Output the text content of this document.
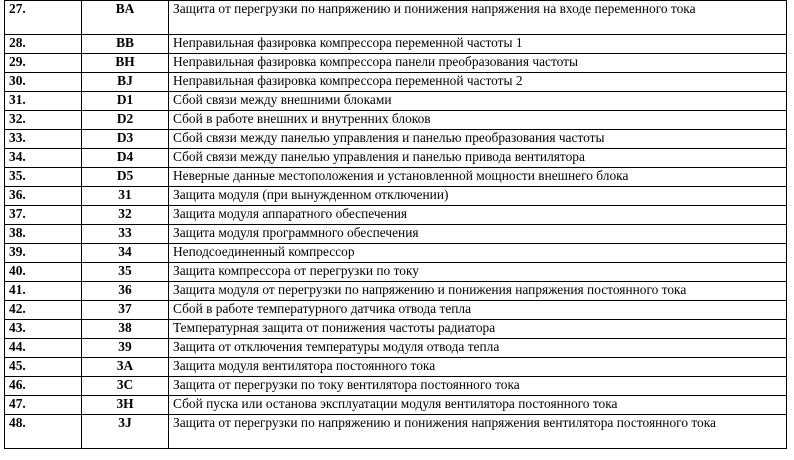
27.	BA	Защита от перегрузки по напряжению и понижения напряжения на входе переменного тока
28.	BB	Неправильная фазировка компрессора переменной частоты 1
29.	BH	Неправильная фазировка компрессора панели преобразования частоты
30.	BJ	Неправильная фазировка компрессора переменной частоты 2
31.	D1	Сбой связи между внешними блоками
32.	D2	Сбой в работе внешних и внутренних блоков
33.	D3	Сбой связи между панелью управления и панелью преобразования частоты
34.	D4	Сбой связи между панелью управления и панелью привода вентилятора
35.	D5	Неверные данные местоположения и установленной мощности внешнего блока
36.	31	Защита модуля (при вынужденном отключении)
37.	32	Защита модуля аппаратного обеспечения
38.	33	Защита модуля программного обеспечения
39.	34	Неподсоединенный компрессор
40.	35	Защита компрессора от перегрузки по току
41.	36	Защита модуля от перегрузки по напряжению и понижения напряжения постоянного тока
42.	37	Сбой в работе температурного датчика отвода тепла
43.	38	Температурная защита от понижения частоты радиатора
44.	39	Защита от отключения температуры модуля отвода тепла
45.	3A	Защита модуля вентилятора постоянного тока
46.	3C	Защита от перегрузки по току вентилятора постоянного тока
47.	3H	Сбой пуска или останова эксплуатации модуля вентилятора постоянного тока
48.	3J	Защита от перегрузки по напряжению и понижения напряжения вентилятора постоянного тока
